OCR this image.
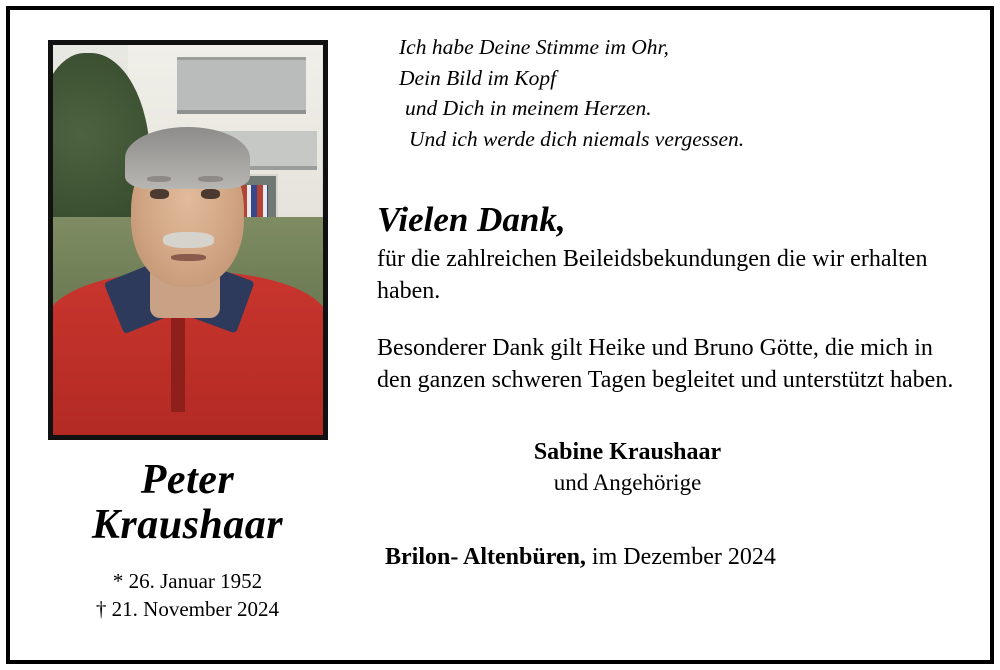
Peter
Kraushaar
* 26. Januar 1952
† 21. November 2024
Ich habe Deine Stimme im Ohr,
Dein Bild im Kopf
und Dich in meinem Herzen.
Und ich werde dich niemals vergessen.
Vielen Dank,
für die zahlreichen Beileidsbekundungen die wir erhalten haben.
Besonderer Dank gilt Heike und Bruno Götte, die mich in den ganzen schweren Tagen begleitet und unterstützt haben.
Sabine Kraushaar
und Angehörige
Brilon- Altenbüren, im Dezember 2024
